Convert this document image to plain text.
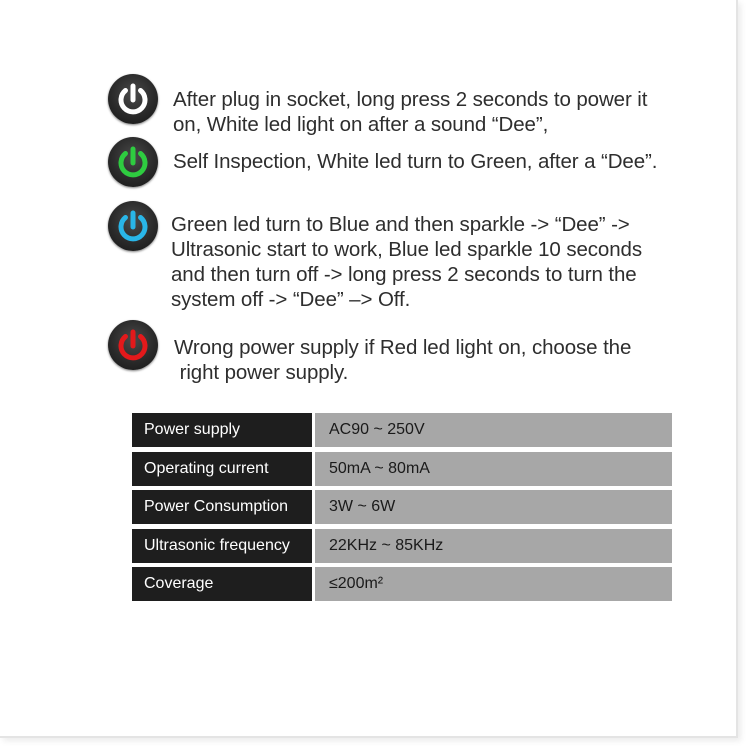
After plug in socket, long press 2 seconds to power it
on, White led light on after a sound “Dee”,
Self Inspection, White led turn to Green, after a “Dee”.
Green led turn to Blue and then sparkle -> “Dee” ->
Ultrasonic start to work, Blue led sparkle 10 seconds
and then turn off -> long press 2 seconds to turn the
system off -> “Dee” –> Off.
Wrong power supply if Red led light on, choose the
right power supply.
Power supply	AC90 ~ 250V
Operating current	50mA ~ 80mA
Power Consumption	3W ~ 6W
Ultrasonic frequency	22KHz ~ 85KHz
Coverage	≤200m²
